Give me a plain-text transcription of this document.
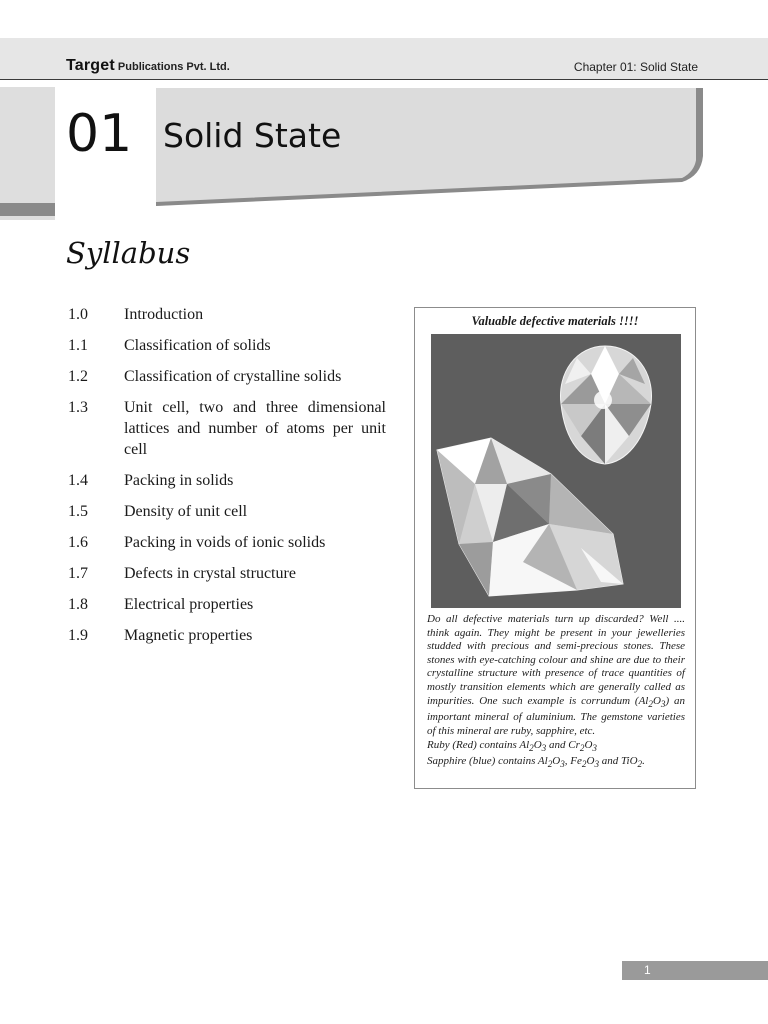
Target Publications Pvt. Ltd.	Chapter 01: Solid State
01 Solid State
Syllabus
1.0	Introduction
1.1	Classification of solids
1.2	Classification of crystalline solids
1.3	Unit cell, two and three dimensional lattices and number of atoms per unit cell
1.4	Packing in solids
1.5	Density of unit cell
1.6	Packing in voids of ionic solids
1.7	Defects in crystal structure
1.8	Electrical properties
1.9	Magnetic properties
Valuable defective materials !!!!

Do all defective materials turn up discarded? Well .... think again. They might be present in your jewelleries studded with precious and semi-precious stones. These stones with eye-catching colour and shine are due to their crystalline structure with presence of trace quantities of mostly transition elements which are generally called as impurities. One such example is corrundum $(Al_2O_3)$ an important mineral of aluminium. The gemstone varieties of this mineral are ruby, sapphire, etc.

Ruby (Red) contains $Al_2O_3$ and $Cr_2O_3$

Sapphire (blue) contains $Al_2O_3$, $Fe_2O_3$ and TiO$_2$.

1
